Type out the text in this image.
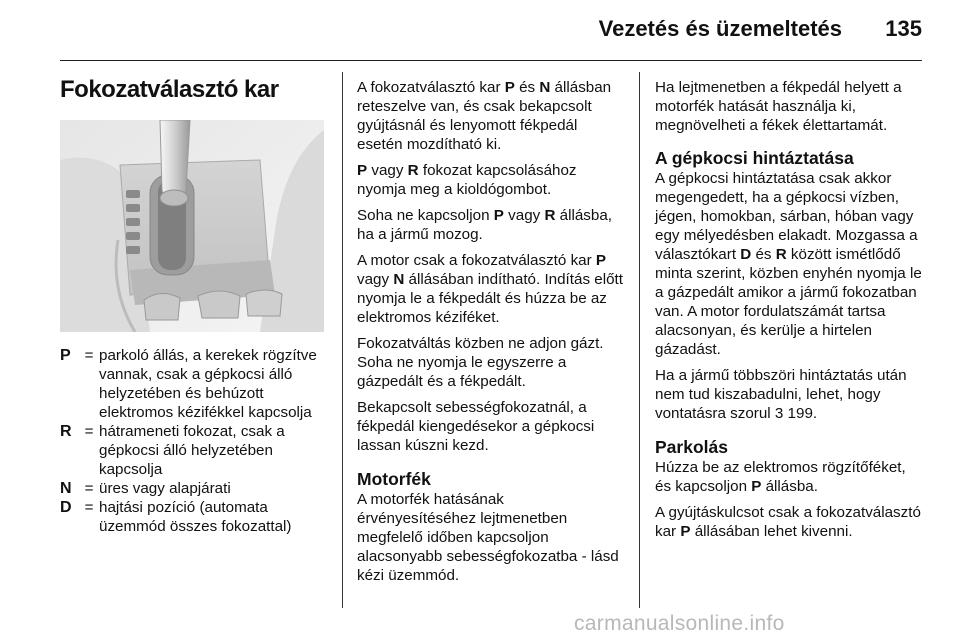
Vezetés és üzemeltetés 135
Fokozatválasztó kar
P = parkoló állás, a kerekek rögzítve vannak, csak a gépkocsi álló helyzetében és behúzott elektromos kézifékkel kapcsolja
R = hátrameneti fokozat, csak a gépkocsi álló helyzetében kapcsolja
N = üres vagy alapjárati
D = hajtási pozíció (automata üzemmód összes fokozattal)

A fokozatválasztó kar P és N állásban reteszelve van, és csak bekapcsolt gyújtásnál és lenyomott fékpedál esetén mozdítható ki.

P vagy R fokozat kapcsolásához nyomja meg a kioldógombot.

Soha ne kapcsoljon P vagy R állásba, ha a jármű mozog.

A motor csak a fokozatválasztó kar P vagy N állásában indítható. Indítás előtt nyomja le a fékpedált és húzza be az elektromos kéziféket.

Fokozatváltás közben ne adjon gázt. Soha ne nyomja le egyszerre a gázpedált és a fékpedált.

Bekapcsolt sebességfokozatnál, a fékpedál kiengedésekor a gépkocsi lassan kúszni kezd.

Motorfék

A motorfék hatásának érvényesítéséhez lejtmenetben megfelelő időben kapcsoljon alacsonyabb sebességfokozatba - lásd kézi üzemmód.

Ha lejtmenetben a fékpedál helyett a motorfék hatását használja ki, megnövelheti a fékek élettartamát.

A gépkocsi hintáztatása

A gépkocsi hintáztatása csak akkor megengedett, ha a gépkocsi vízben, jégen, homokban, sárban, hóban vagy egy mélyedésben elakadt. Mozgassa a választókart D és R között ismétlődő minta szerint, közben enyhén nyomja le a gázpedált amikor a jármű fokozatban van. A motor fordulatszámát tartsa alacsonyan, és kerülje a hirtelen gázadást.

Ha a jármű többszöri hintáztatás után nem tud kiszabadulni, lehet, hogy vontatásra szorul 3 199.

Parkolás

Húzza be az elektromos rögzítőféket, és kapcsoljon P állásba.

A gyújtáskulcsot csak a fokozatválasztó kar P állásában lehet kivenni.

carmanualsonline.info
